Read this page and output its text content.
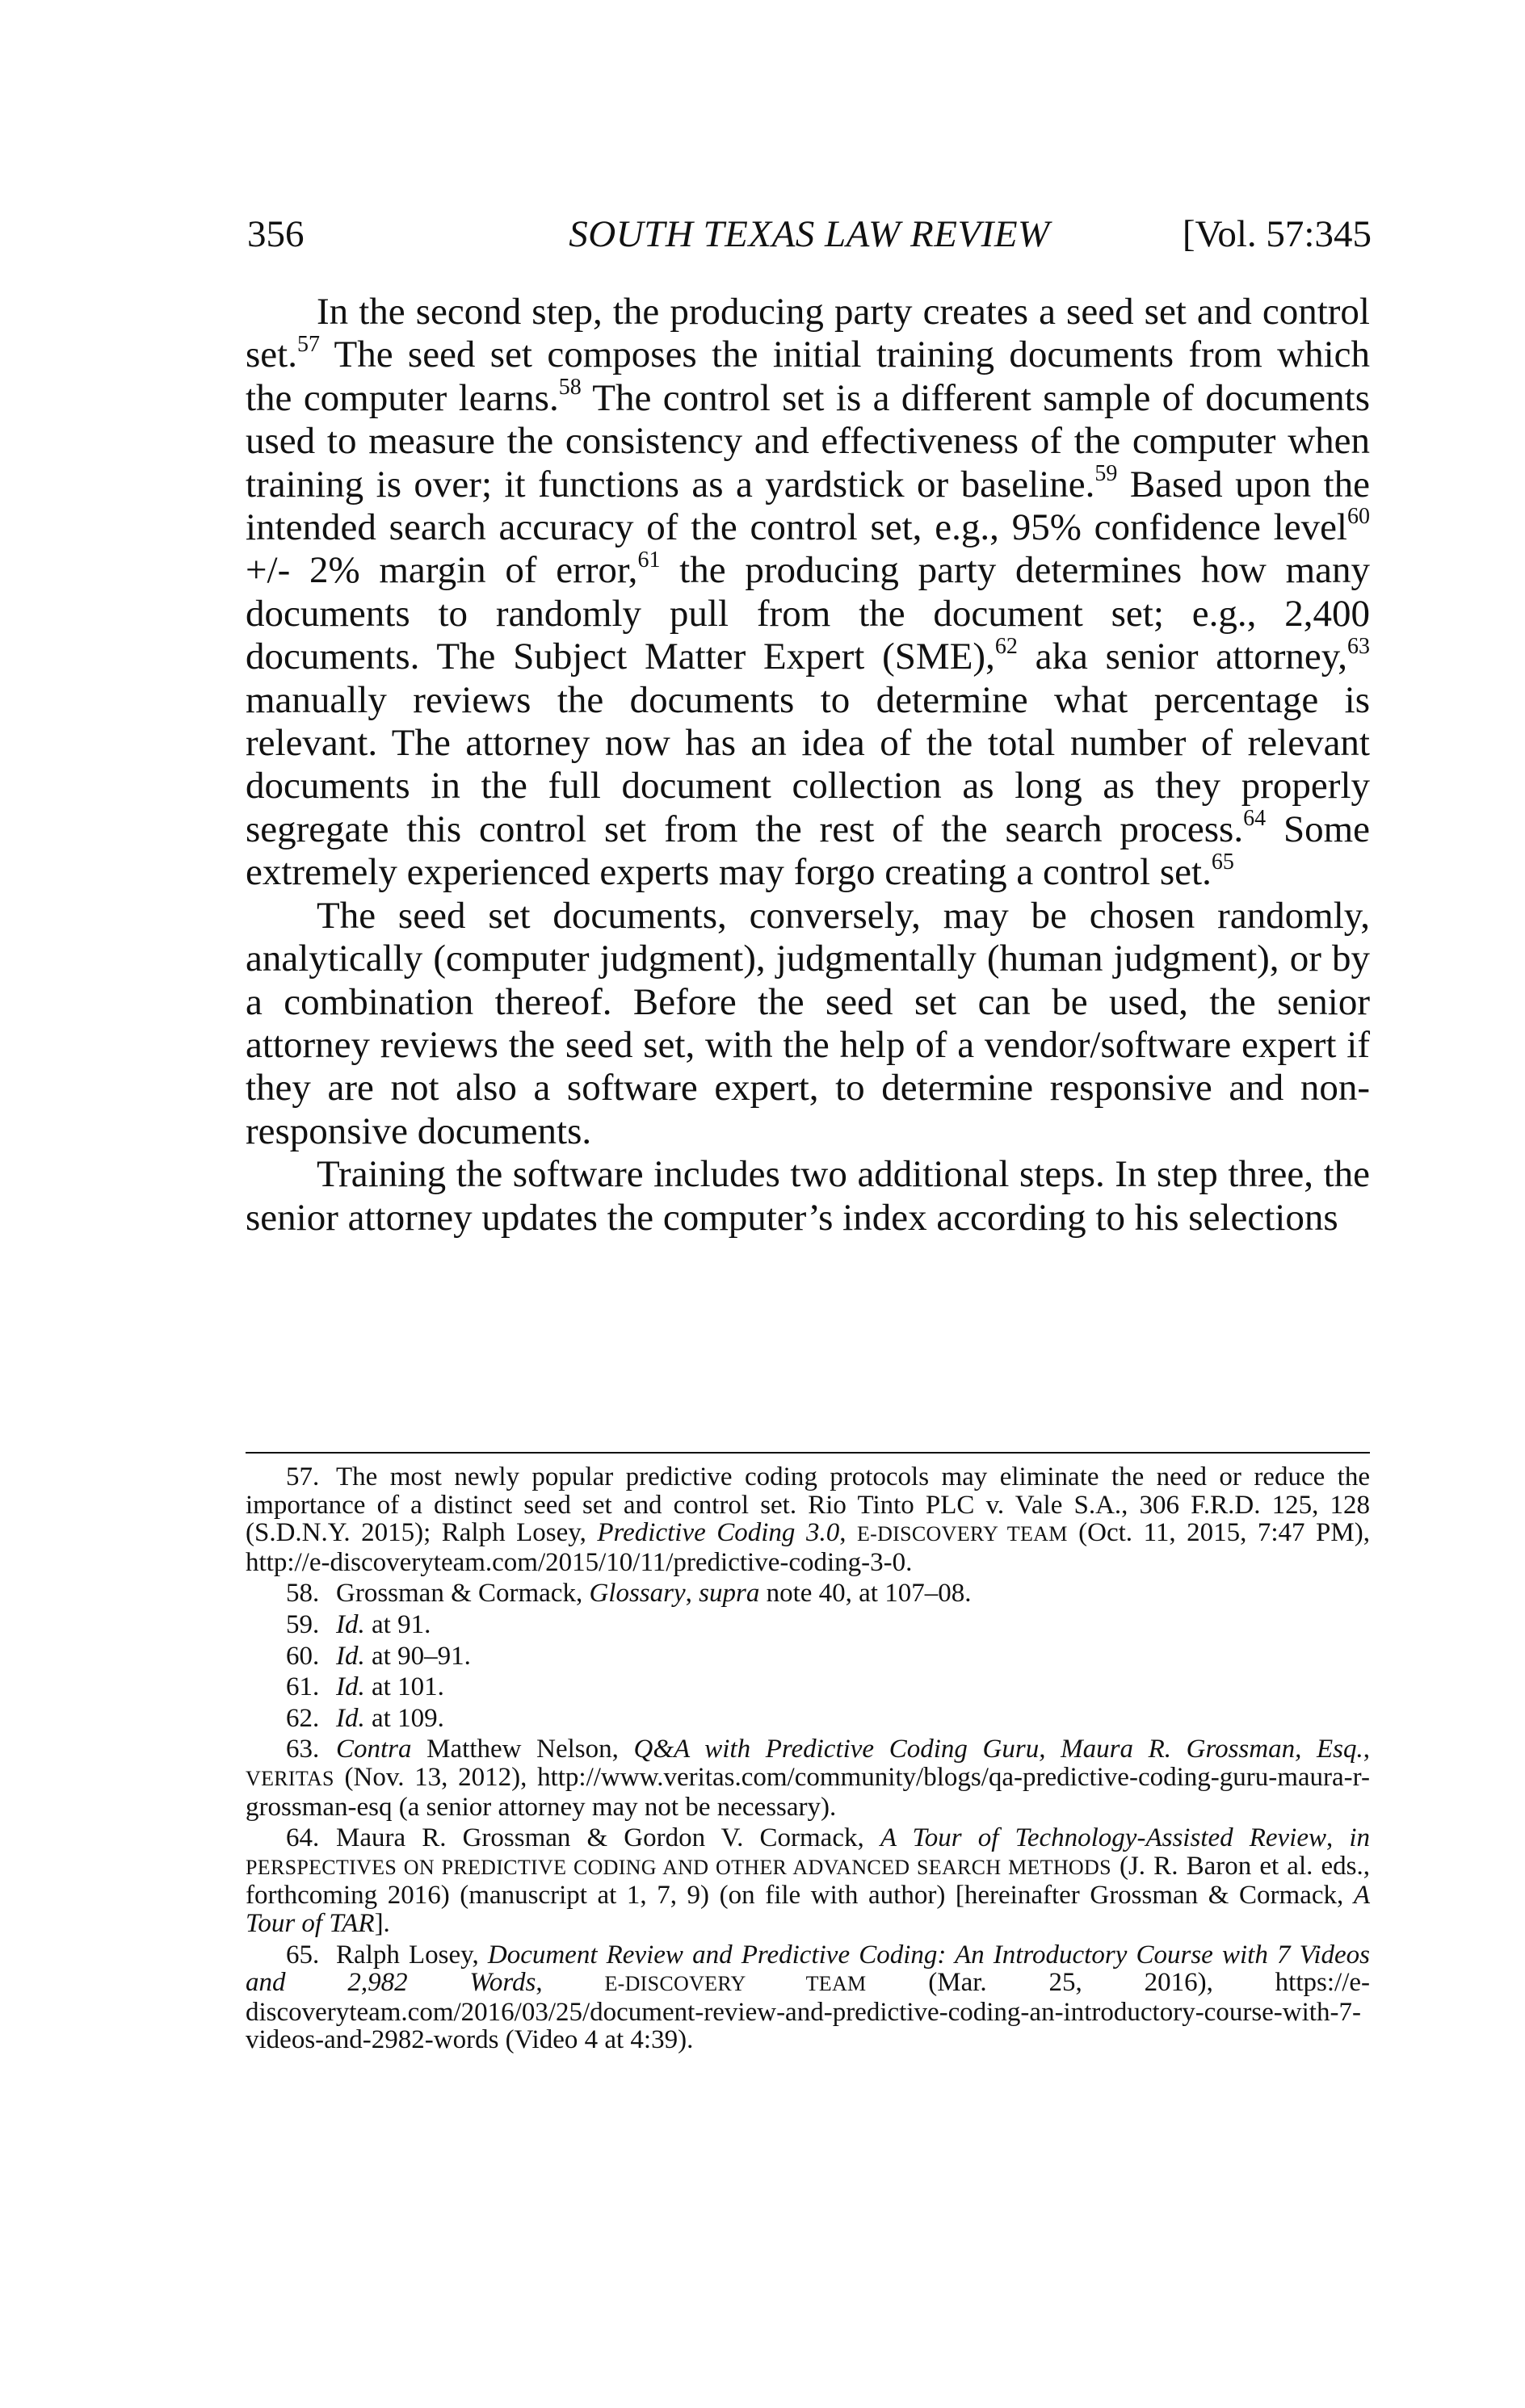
356	SOUTH TEXAS LAW REVIEW	[Vol. 57:345

In the second step, the producing party creates a seed set and control set.$^{57}$ The seed set composes the initial training documents from which the computer learns.$^{58}$ The control set is a different sample of documents used to measure the consistency and effectiveness of the computer when training is over; it functions as a yardstick or baseline.$^{59}$ Based upon the intended search accuracy of the control set, e.g., 95% confidence level$^{60}$ +/- 2% margin of error,$^{61}$ the producing party determines how many documents to randomly pull from the document set; e.g., 2,400 documents. The Subject Matter Expert (SME),$^{62}$ aka senior attorney,$^{63}$ manually reviews the documents to determine what percentage is relevant. The attorney now has an idea of the total number of relevant documents in the full document collection as long as they properly segregate this control set from the rest of the search process.$^{64}$ Some extremely experienced experts may forgo creating a control set.$^{65}$

The seed set documents, conversely, may be chosen randomly, analytically (computer judgment), judgmentally (human judgment), or by a combination thereof. Before the seed set can be used, the senior attorney reviews the seed set, with the help of a vendor/software expert if they are not also a software expert, to determine responsive and non-responsive documents.

Training the software includes two additional steps. In step three, the senior attorney updates the computer’s index according to his selections

57. The most newly popular predictive coding protocols may eliminate the need or reduce the importance of a distinct seed set and control set. Rio Tinto PLC v. Vale S.A., 306 F.R.D. 125, 128 (S.D.N.Y. 2015); Ralph Losey, Predictive Coding 3.0, E-DISCOVERY TEAM (Oct. 11, 2015, 7:47 PM), http://e-discoveryteam.com/2015/10/11/predictive-coding-3-0.

58. Grossman & Cormack, Glossary, supra note 40, at 107–08.

59. Id. at 91.

60. Id. at 90–91.

61. Id. at 101.

62. Id. at 109.

63. Contra Matthew Nelson, Q&A with Predictive Coding Guru, Maura R. Grossman, Esq., VERITAS (Nov. 13, 2012), http://www.veritas.com/community/blogs/qa-predictive-coding-guru-maura-r-grossman-esq (a senior attorney may not be necessary).

64. Maura R. Grossman & Gordon V. Cormack, A Tour of Technology-Assisted Review, in PERSPECTIVES ON PREDICTIVE CODING AND OTHER ADVANCED SEARCH METHODS (J. R. Baron et al. eds., forthcoming 2016) (manuscript at 1, 7, 9) (on file with author) [hereinafter Grossman & Cormack, A Tour of TAR].

65. Ralph Losey, Document Review and Predictive Coding: An Introductory Course with 7 Videos and 2,982 Words, E-DISCOVERY TEAM (Mar. 25, 2016), https://e-discoveryteam.com/2016/03/25/document-review-and-predictive-coding-an-introductory-course-with-7-videos-and-2982-words (Video 4 at 4:39).
